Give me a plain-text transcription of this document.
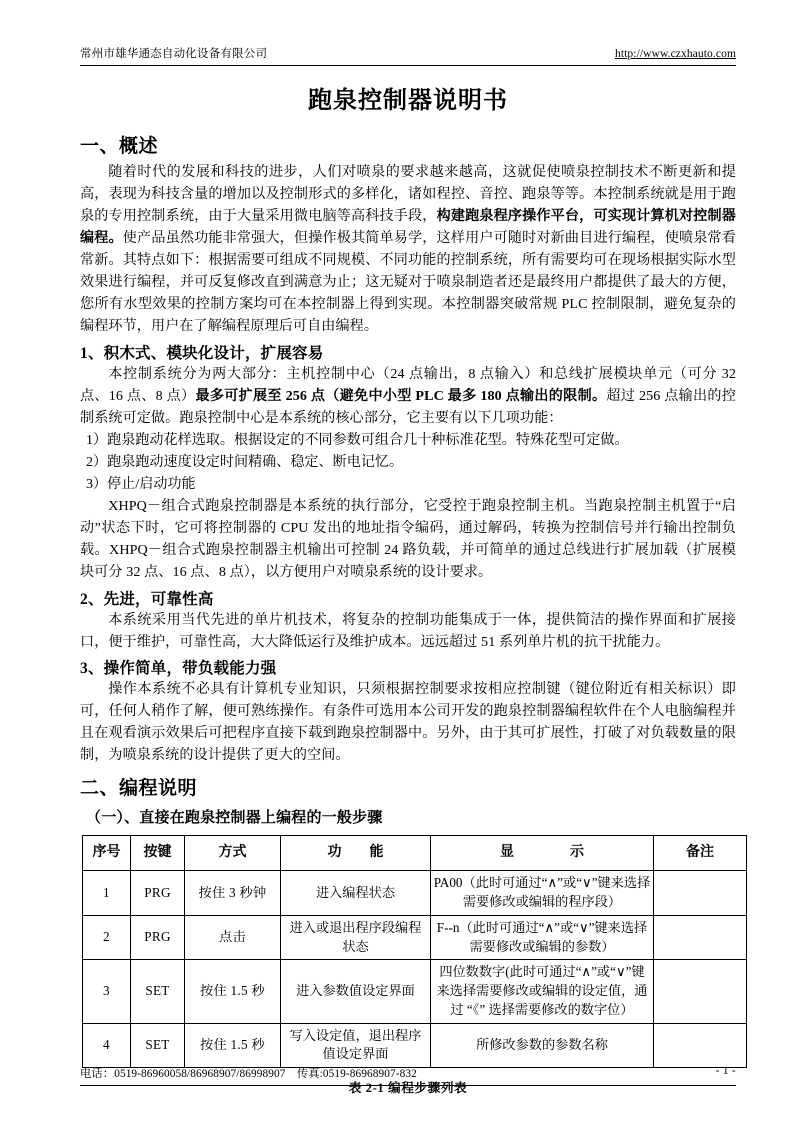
常州市雄华通态自动化设备有限公司	http://www.czxhauto.com
跑泉控制器说明书
一、概述

随着时代的发展和科技的进步，人们对喷泉的要求越来越高，这就促使喷泉控制技术不断更新和提高，表现为科技含量的增加以及控制形式的多样化，诸如程控、音控、跑泉等等。本控制系统就是用于跑泉的专用控制系统，由于大量采用微电脑等高科技手段，构建跑泉程序操作平台，可实现计算机对控制器编程。使产品虽然功能非常强大，但操作极其简单易学，这样用户可随时对新曲目进行编程，使喷泉常看常新。其特点如下：根据需要可组成不同规模、不同功能的控制系统，所有需要均可在现场根据实际水型效果进行编程，并可反复修改直到满意为止；这无疑对于喷泉制造者还是最终用户都提供了最大的方便，您所有水型效果的控制方案均可在本控制器上得到实现。本控制器突破常规 PLC 控制限制，避免复杂的编程环节，用户在了解编程原理后可自由编程。

1、积木式、模块化设计，扩展容易

本控制系统分为两大部分：主机控制中心（24 点输出，8 点输入）和总线扩展模块单元（可分 32 点、16 点、8 点）最多可扩展至 256 点（避免中小型 PLC 最多 180 点输出的限制。超过 256 点输出的控制系统可定做。跑泉控制中心是本系统的核心部分，它主要有以下几项功能：

1）跑泉跑动花样选取。根据设定的不同参数可组合几十种标准花型。特殊花型可定做。

2）跑泉跑动速度设定时间精确、稳定、断电记忆。

3）停止/启动功能

XHPQ－组合式跑泉控制器是本系统的执行部分，它受控于跑泉控制主机。当跑泉控制主机置于“启动”状态下时，它可将控制器的 CPU 发出的地址指令编码，通过解码，转换为控制信号并行输出控制负载。XHPQ－组合式跑泉控制器主机输出可控制 24 路负载，并可简单的通过总线进行扩展加载（扩展模块可分 32 点、16 点、8 点），以方便用户对喷泉系统的设计要求。

2、先进，可靠性高

本系统采用当代先进的单片机技术，将复杂的控制功能集成于一体，提供简洁的操作界面和扩展接口，便于维护，可靠性高，大大降低运行及维护成本。远远超过 51 系列单片机的抗干扰能力。

3、操作简单，带负载能力强

操作本系统不必具有计算机专业知识，只须根据控制要求按相应控制键（键位附近有相关标识）即可，任何人稍作了解，便可熟练操作。有条件可选用本公司开发的跑泉控制器编程软件在个人电脑编程并且在观看演示效果后可把程序直接下载到跑泉控制器中。另外，由于其可扩展性，打破了对负载数量的限制，为喷泉系统的设计提供了更大的空间。

二、编程说明
（一）、直接在跑泉控制器上编程的一般步骤
序号	按键	方式	功　　能	显　　　　示	备注
1	PRG	按住 3 秒钟	进入编程状态	PA00（此时可通过“∧”或“∨”键来选择需要修改或编辑的程序段）	
2	PRG	点击	进入或退出程序段编程状态	F--n（此时可通过“∧”或“∨”键来选择需要修改或编辑的参数）	
3	SET	按住 1.5 秒	进入参数值设定界面	四位数数字(此时可通过“∧”或“∨”键来选择需要修改或编辑的设定值，通过 “《” 选择需要修改的数字位）	
4	SET	按住 1.5 秒	写入设定值，退出程序值设定界面	所修改参数的参数名称	
表 2-1 编程步骤列表
电话：0519-86960058/86968907/86998907　传真:0519-86968907-832	- 1 -
